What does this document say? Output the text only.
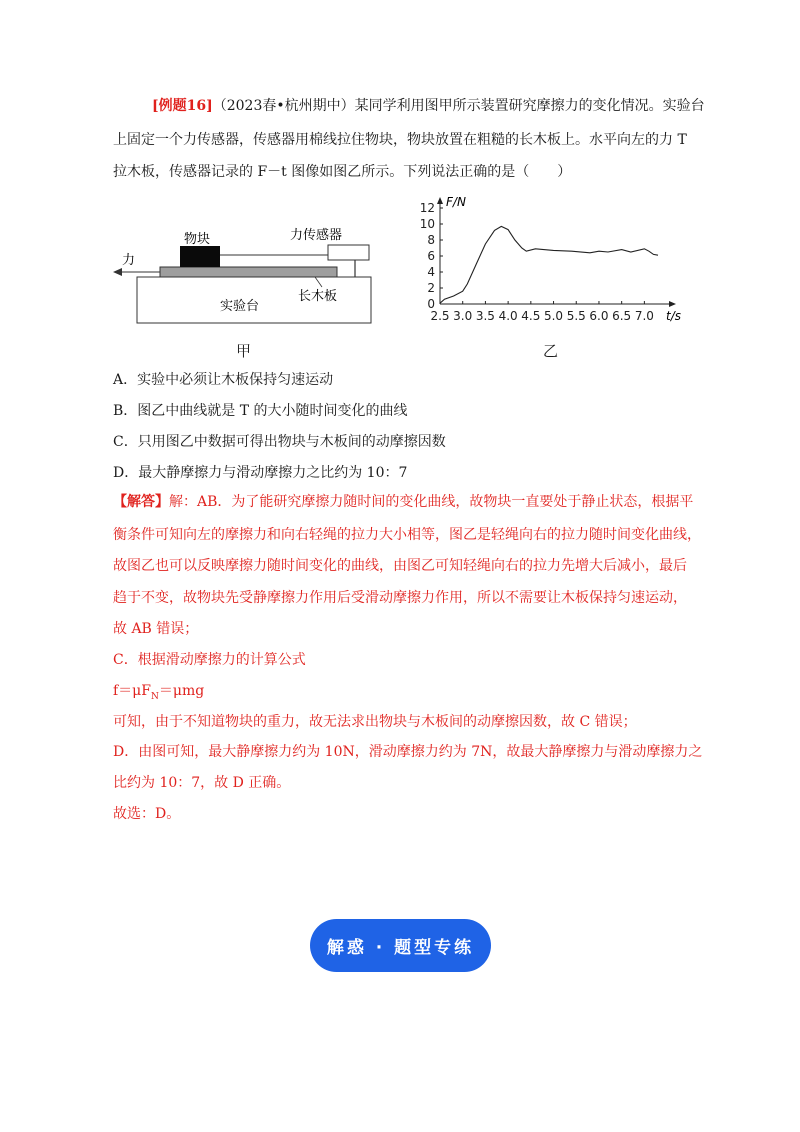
[例题16]（2023春•杭州期中）某同学利用图甲所示装置研究摩擦力的变化情况。实验台
上固定一个力传感器，传感器用棉线拉住物块，物块放置在粗糙的长木板上。水平向左的力 T
拉木板，传感器记录的 F－t 图像如图乙所示。下列说法正确的是（　　）
物块	力传感器
力
实验台
长木板
甲
0
2
4
6
8
10
12
2.5 3.0 3.5 4.0 4.5 5.0 5.5 6.0 6.5 7.0
F/N
t/s
乙
A．实验中必须让木板保持匀速运动
B．图乙中曲线就是 T 的大小随时间变化的曲线
C．只用图乙中数据可得出物块与木板间的动摩擦因数
D．最大静摩擦力与滑动摩擦力之比约为 10：7
【解答】解：AB．为了能研究摩擦力随时间的变化曲线，故物块一直要处于静止状态，根据平
衡条件可知向左的摩擦力和向右轻绳的拉力大小相等，图乙是轻绳向右的拉力随时间变化曲线，
故图乙也可以反映摩擦力随时间变化的曲线，由图乙可知轻绳向右的拉力先增大后减小，最后
趋于不变，故物块先受静摩擦力作用后受滑动摩擦力作用，所以不需要让木板保持匀速运动，
故 AB 错误；
C．根据滑动摩擦力的计算公式
$f=\mu F_N=\mu mg$
可知，由于不知道物块的重力，故无法求出物块与木板间的动摩擦因数，故 C 错误；
D．由图可知，最大静摩擦力约为 10N，滑动摩擦力约为 7N，故最大静摩擦力与滑动摩擦力之
比约为 10：7，故 D 正确。
故选：D。
解惑 · 题型专练
